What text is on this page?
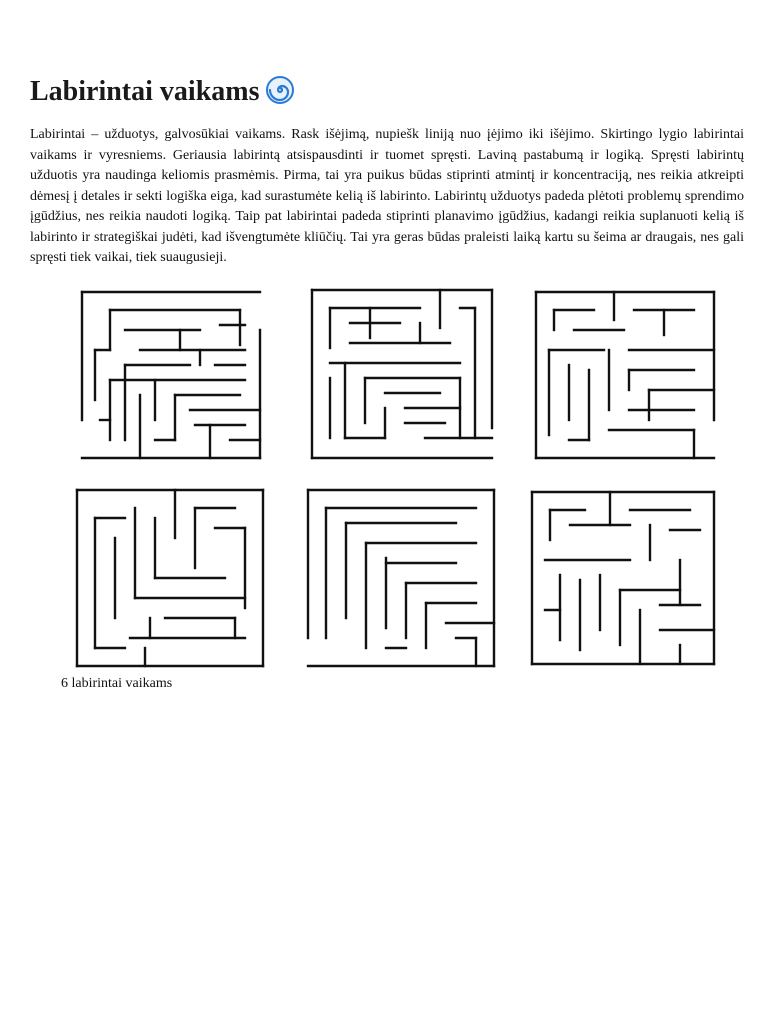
Labirintai vaikams

Labirintai – užduotys, galvosūkiai vaikams. Rask išėjimą, nupiešk liniją nuo įėjimo iki išėjimo. Skirtingo lygio labirintai vaikams ir vyresniems. Geriausia labirintą atsispausdinti ir tuomet spręsti. Laviną pastabumą ir logiką. Spręsti labirintų užduotis yra naudinga keliomis prasmėmis. Pirma, tai yra puikus būdas stiprinti atmintį ir koncentraciją, nes reikia atkreipti dėmesį į detales ir sekti logiška eiga, kad surastumėte kelią iš labirinto. Labirintų užduotys padeda plėtoti problemų sprendimo įgūdžius, nes reikia naudoti logiką. Taip pat labirintai padeda stiprinti planavimo įgūdžius, kadangi reikia suplanuoti kelią iš labirinto ir strategiškai judėti, kad išvengtumėte kliūčių. Tai yra geras būdas praleisti laiką kartu su šeima ar draugais, nes gali spręsti tiek vaikai, tiek suaugusieji.

6 labirintai vaikams
